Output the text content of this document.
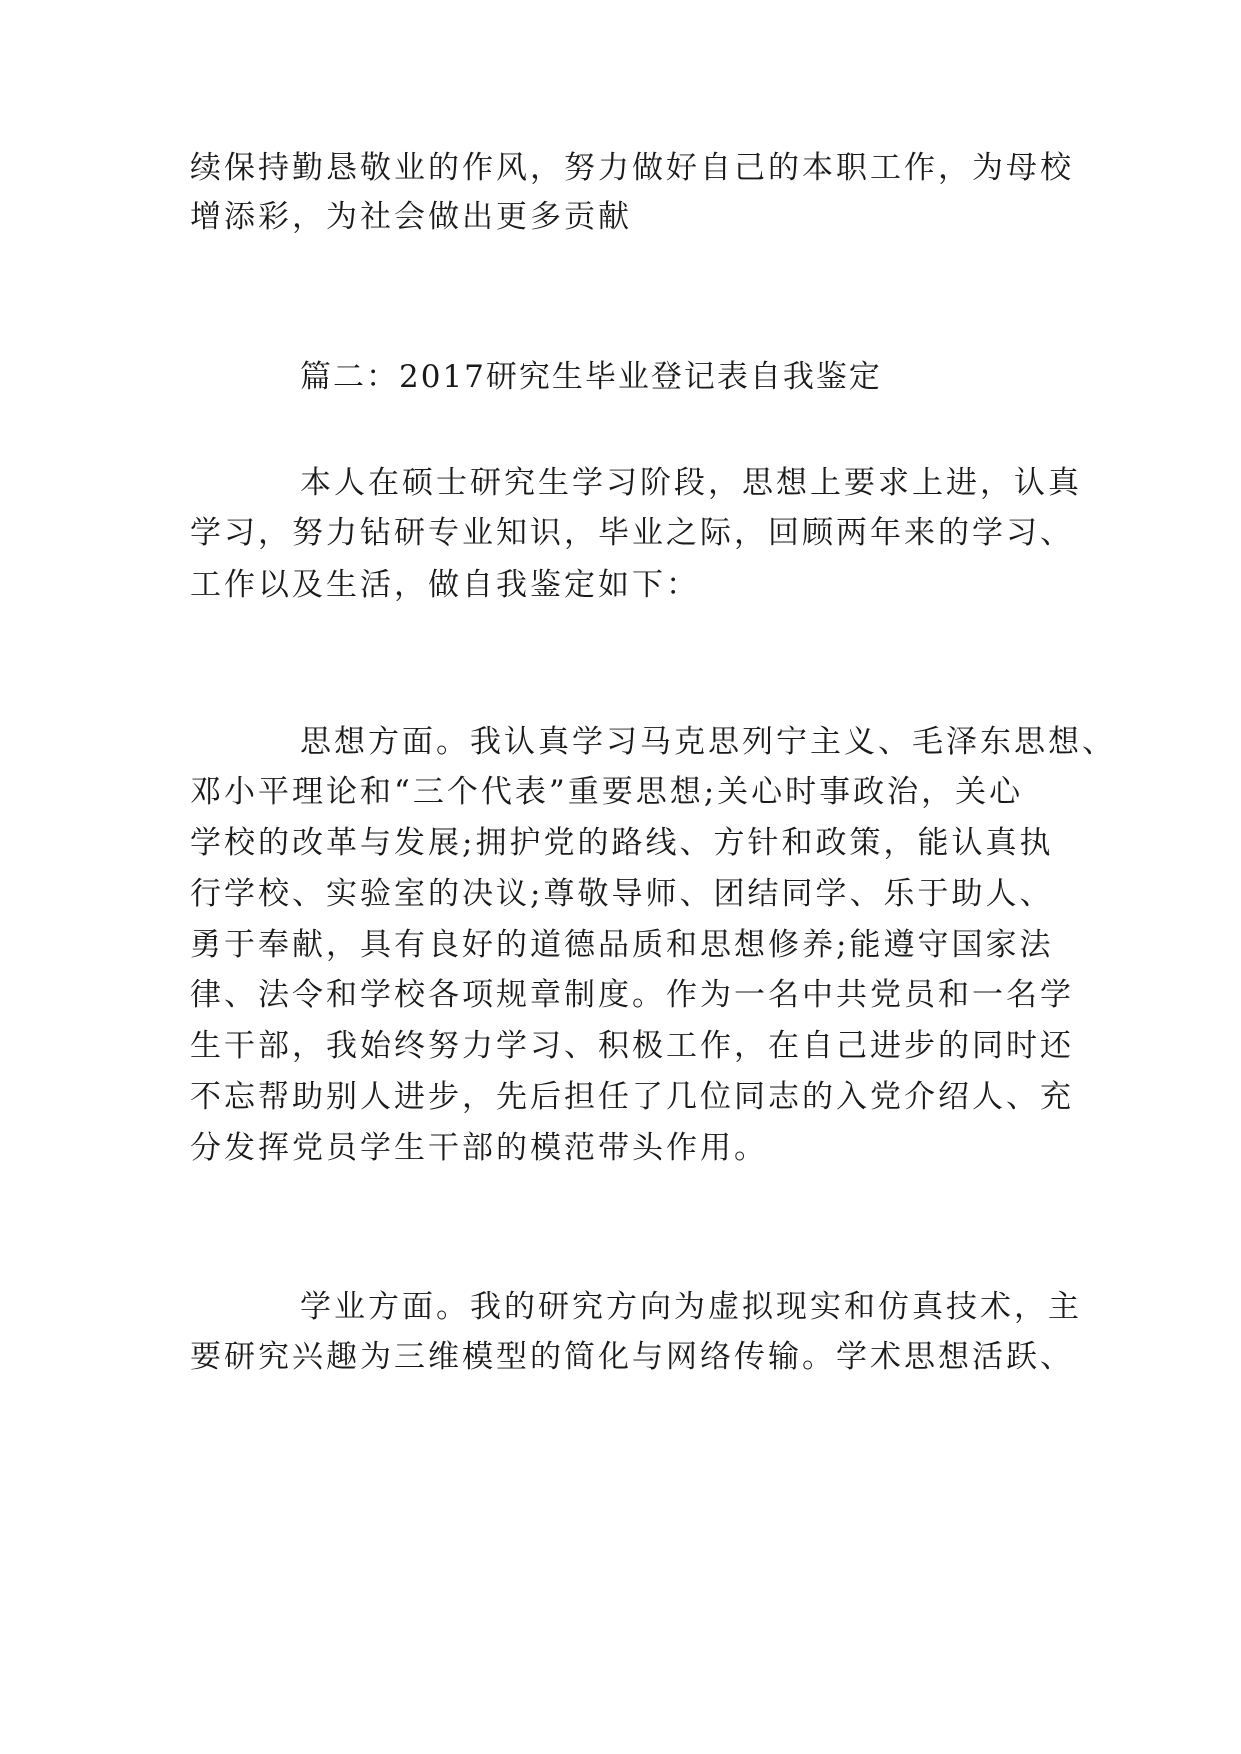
续保持勤恳敬业的作风，努力做好自己的本职工作，为母校
增添彩，为社会做出更多贡献
篇二：2017研究生毕业登记表自我鉴定
本人在硕士研究生学习阶段，思想上要求上进，认真
学习，努力钻研专业知识，毕业之际，回顾两年来的学习、
工作以及生活，做自我鉴定如下：
思想方面。我认真学习马克思列宁主义、毛泽东思想、
邓小平理论和“三个代表”重要思想;关心时事政治，关心
学校的改革与发展;拥护党的路线、方针和政策，能认真执
行学校、实验室的决议;尊敬导师、团结同学、乐于助人、
勇于奉献，具有良好的道德品质和思想修养;能遵守国家法
律、法令和学校各项规章制度。作为一名中共党员和一名学
生干部，我始终努力学习、积极工作，在自己进步的同时还
不忘帮助别人进步，先后担任了几位同志的入党介绍人、充
分发挥党员学生干部的模范带头作用。
学业方面。我的研究方向为虚拟现实和仿真技术，主
要研究兴趣为三维模型的简化与网络传输。学术思想活跃、
